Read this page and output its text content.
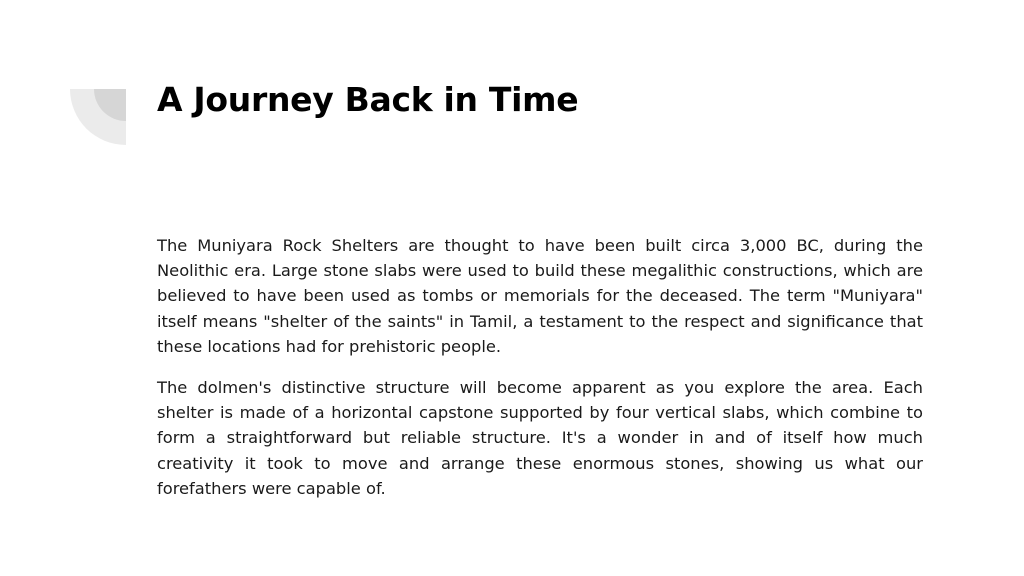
A Journey Back in Time

The Muniyara Rock Shelters are thought to have been built circa 3,000 BC, during the Neolithic era. Large stone slabs were used to build these megalithic constructions, which are believed to have been used as tombs or memorials for the deceased. The term "Muniyara" itself means "shelter of the saints" in Tamil, a testament to the respect and significance that these locations had for prehistoric people.

The dolmen's distinctive structure will become apparent as you explore the area. Each shelter is made of a horizontal capstone supported by four vertical slabs, which combine to form a straightforward but reliable structure. It's a wonder in and of itself how much creativity it took to move and arrange these enormous stones, showing us what our forefathers were capable of.
